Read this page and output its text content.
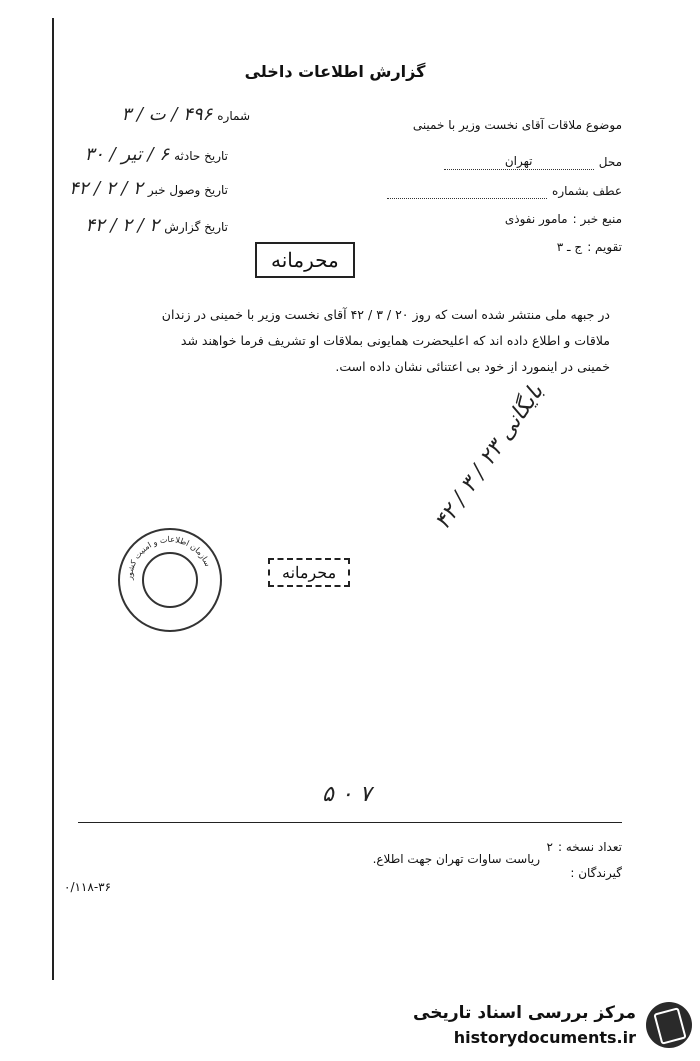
گزارش اطلاعات داخلی
موضوع ملاقات آقای نخست وزیر با خمینی
محل تهران
عطف بشماره
منبع خبر : مامور نفوذی
تقویم : ج ـ ۳
شماره ۴۹۶ / ت / ۳
تاریخ حادثه ۶ / تیر / ۳۰
تاریخ وصول خبر ۲ / ۲ / ۴۲
تاریخ گزارش ۲ / ۲ / ۴۲
محرمانه
در جبهه ملی منتشر شده است که روز ۲۰ / ۳ / ۴۲ آقای نخست وزیر با خمینی در زندان
ملاقات و اطلاع داده اند که اعلیحضرت همایونی بملاقات او تشریف فرما خواهند شد
خمینی در اینمورد از خود بی اعتنائی نشان داده است.
بایگانی ۲۳ / ۳ / ۴۲
سازمان اطلاعات و امنیت کشور
محرمانه
۷ ۰ ۵
تعداد نسخه : ۲
گیرندگان :
ریاست ساوات تهران جهت اطلاع.
۰/۱۱۸-۳۶
مرکز بررسی اسناد تاریخی
historydocuments.ir
